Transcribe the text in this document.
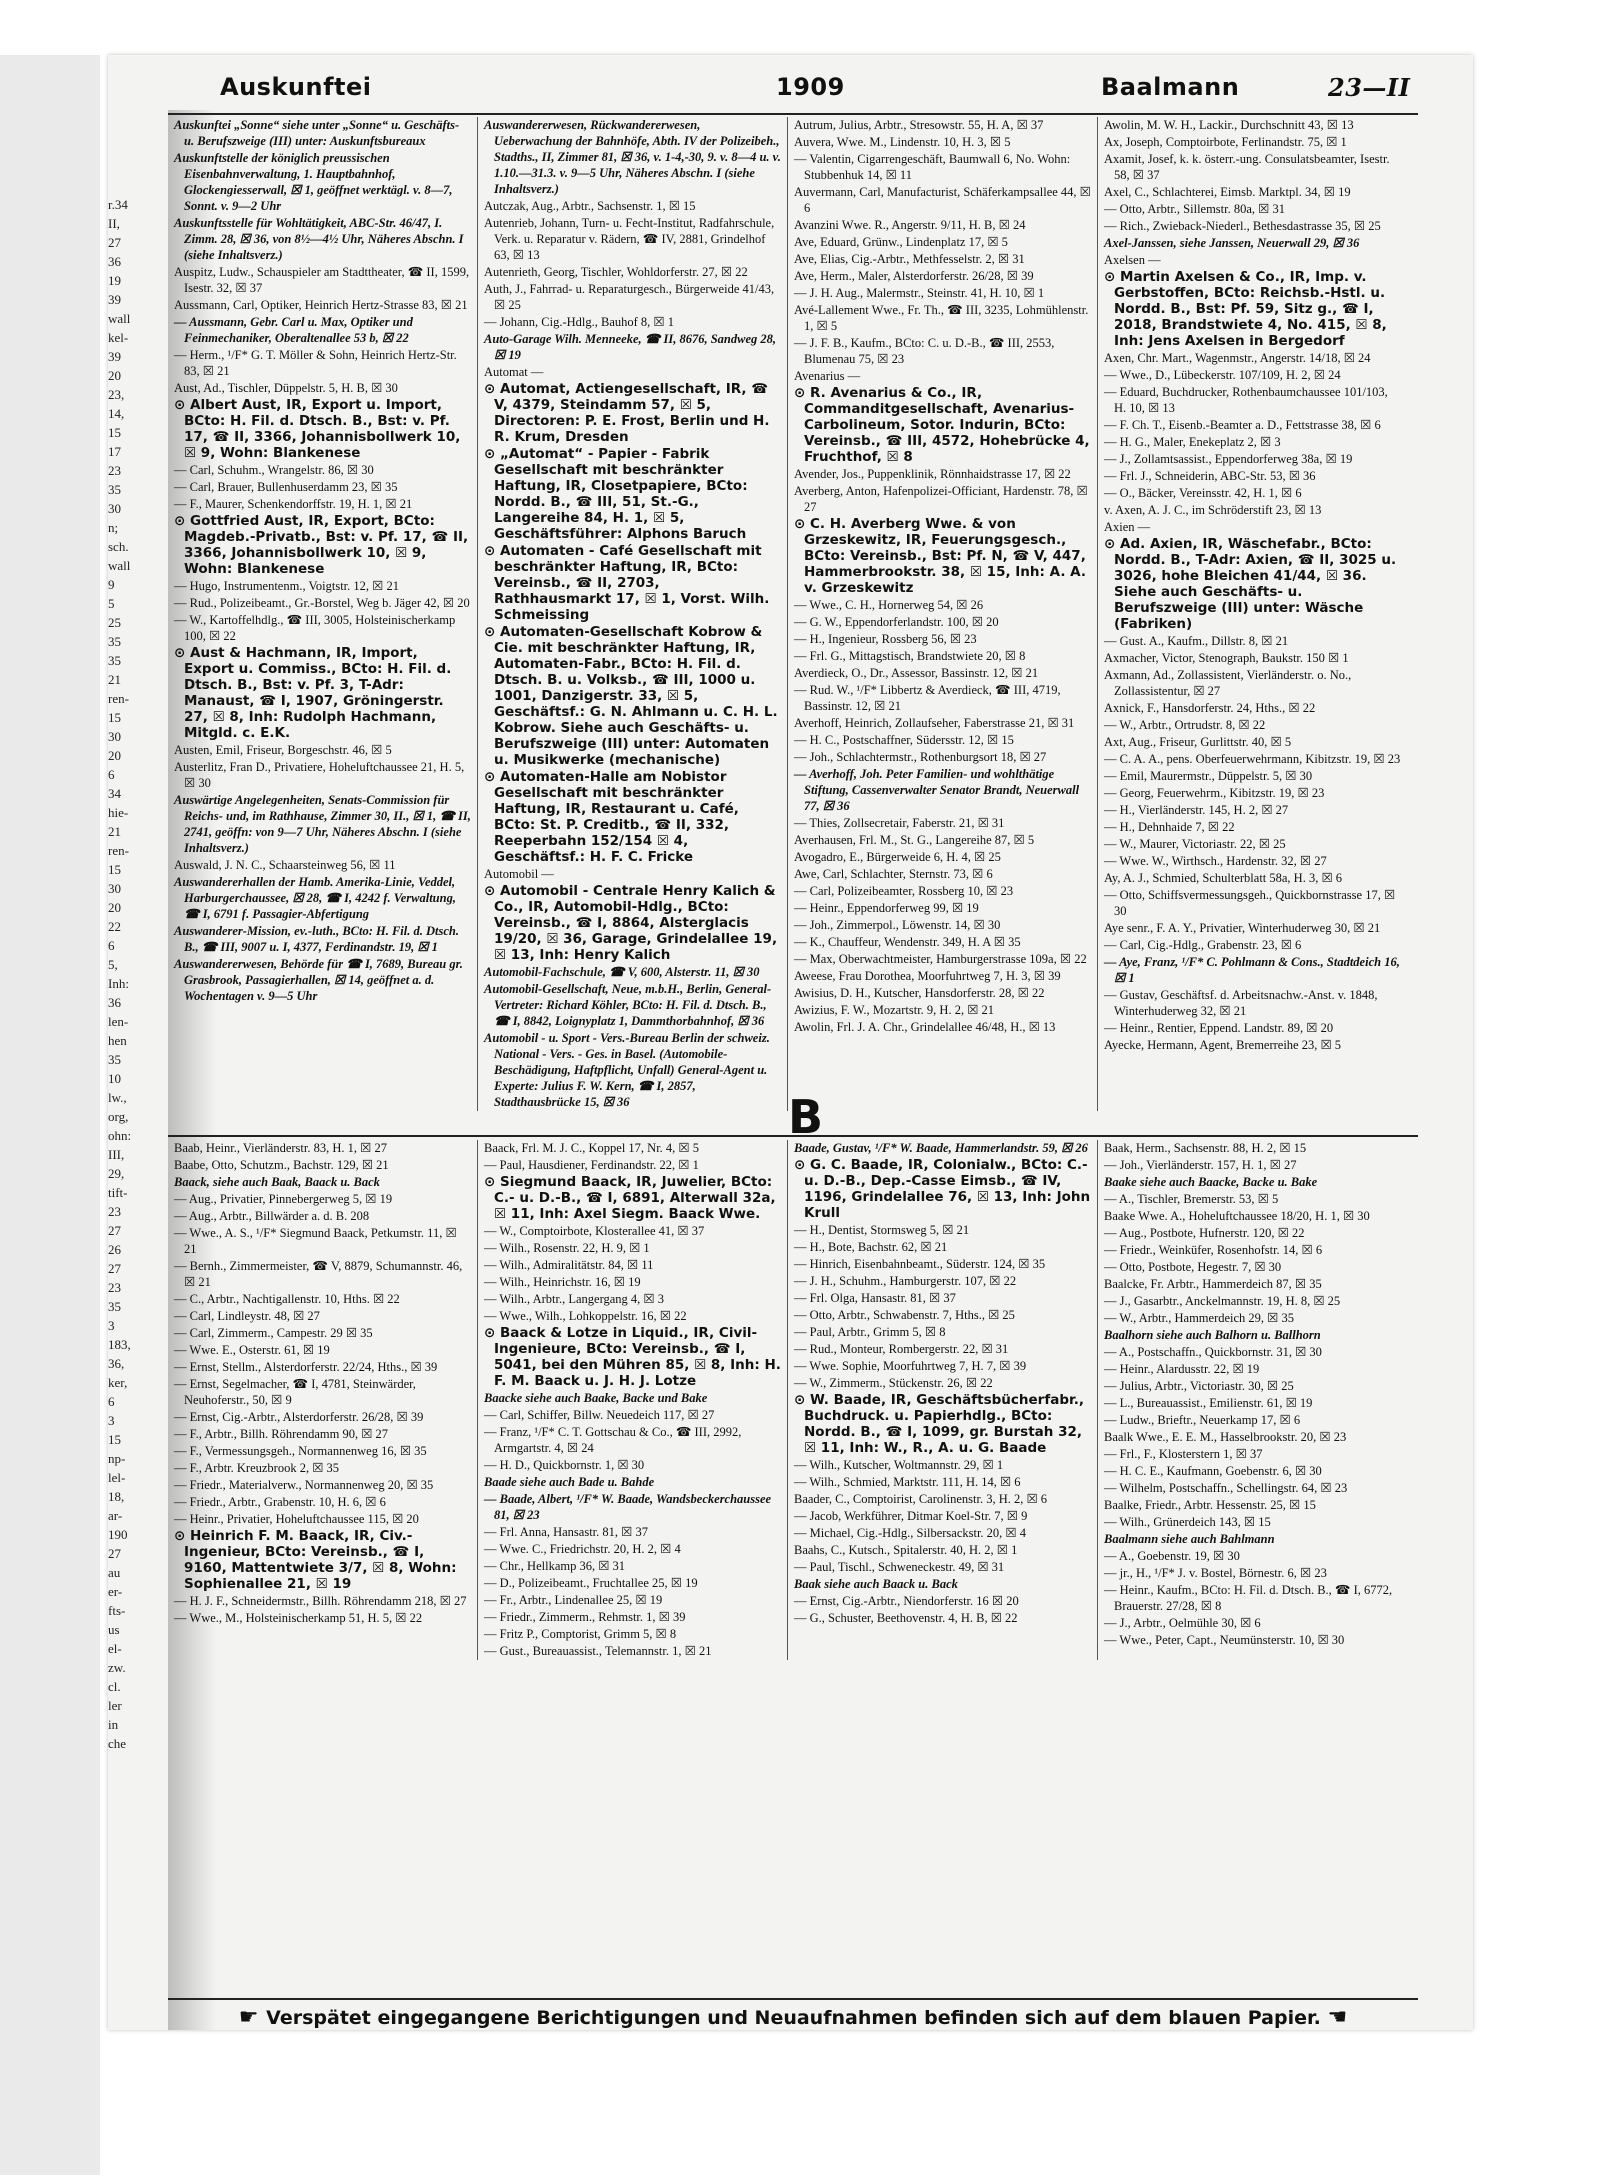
r.34
II,
27
36
19
39
wall
kel-
39
20
23,
14,
15
17
23
35
30
n;
sch.
wall
9
5
25
35
35
21
ren-
15
30
20
6
34
hie-
21
ren-
15
30
20
22
6
5,
Inh:
36
len-
hen
35
10
lw.,
org,
ohn:
III,
29,
tift-
23
27
26
27
23
35
3
183,
36,
ker,
6
3
15
np-
lel-
18,
ar-
190
27
au
er-
fts-
us
el-
zw.
cl.
ler
in
che
Auskunftei	1909	Baalmann	23—II
Auskunftei „Sonne“ siehe unter „Sonne“ u. Geschäfts- u. Berufszweige (III) unter: Auskunftsbureaux
Auskunftstelle der königlich preussischen Eisenbahnverwaltung, 1. Hauptbahnhof, Glockengiesserwall, ☒ 1, geöffnet werktägl. v. 8—7, Sonnt. v. 9—2 Uhr
Auskunftsstelle für Wohltätigkeit, ABC-Str. 46/47, I. Zimm. 28, ☒ 36, von 8½—4½ Uhr, Näheres Abschn. I (siehe Inhaltsverz.)
Auspitz, Ludw., Schauspieler am Stadttheater, ☎ II, 1599, Isestr. 32, ☒ 37
Aussmann, Carl, Optiker, Heinrich Hertz-Strasse 83, ☒ 21
— Aussmann, Gebr. Carl u. Max, Optiker und Feinmechaniker, Oberaltenallee 53 b, ☒ 22
— Herm., ¹/F* G. T. Möller & Sohn, Heinrich Hertz-Str. 83, ☒ 21
Aust, Ad., Tischler, Düppelstr. 5, H. B, ☒ 30
⊙ Albert Aust, IR, Export u. Import, BCto: H. Fil. d. Dtsch. B., Bst: v. Pf. 17, ☎ II, 3366, Johannisbollwerk 10, ☒ 9, Wohn: Blankenese
— Carl, Schuhm., Wrangelstr. 86, ☒ 30
— Carl, Brauer, Bullenhuserdamm 23, ☒ 35
— F., Maurer, Schenkendorffstr. 19, H. 1, ☒ 21
⊙ Gottfried Aust, IR, Export, BCto: Magdeb.-Privatb., Bst: v. Pf. 17, ☎ II, 3366, Johannisbollwerk 10, ☒ 9, Wohn: Blankenese
— Hugo, Instrumentenm., Voigtstr. 12, ☒ 21
— Rud., Polizeibeamt., Gr.-Borstel, Weg b. Jäger 42, ☒ 20
— W., Kartoffelhdlg., ☎ III, 3005, Holsteinischerkamp 100, ☒ 22
⊙ Aust & Hachmann, IR, Import, Export u. Commiss., BCto: H. Fil. d. Dtsch. B., Bst: v. Pf. 3, T-Adr: Manaust, ☎ I, 1907, Gröningerstr. 27, ☒ 8, Inh: Rudolph Hachmann, Mitgld. c. E.K.
Austen, Emil, Friseur, Borgeschstr. 46, ☒ 5
Austerlitz, Fran D., Privatiere, Hoheluftchaussee 21, H. 5, ☒ 30
Auswärtige Angelegenheiten, Senats-Commission für Reichs- und, im Rathhause, Zimmer 30, II., ☒ 1, ☎ II, 2741, geöffn: von 9—7 Uhr, Näheres Abschn. I (siehe Inhaltsverz.)
Auswald, J. N. C., Schaarsteinweg 56, ☒ 11
Auswandererhallen der Hamb. Amerika-Linie, Veddel, Harburgerchaussee, ☒ 28, ☎ I, 4242 f. Verwaltung, ☎ I, 6791 f. Passagier-Abfertigung
Auswanderer-Mission, ev.-luth., BCto: H. Fil. d. Dtsch. B., ☎ III, 9007 u. I, 4377, Ferdinandstr. 19, ☒ 1
Auswandererwesen, Behörde für ☎ I, 7689, Bureau gr. Grasbrook, Passagierhallen, ☒ 14, geöffnet a. d. Wochentagen v. 9—5 Uhr
Auswandererwesen, Rückwandererwesen, Ueberwachung der Bahnhöfe, Abth. IV der Polizeibeh., Stadths., II, Zimmer 81, ☒ 36, v. 1-4,-30, 9. v. 8—4 u. v. 1.10.—31.3. v. 9—5 Uhr, Näheres Abschn. I (siehe Inhaltsverz.)
Autczak, Aug., Arbtr., Sachsenstr. 1, ☒ 15
Autenrieb, Johann, Turn- u. Fecht-Institut, Radfahrschule, Verk. u. Reparatur v. Rädern, ☎ IV, 2881, Grindelhof 63, ☒ 13
Autenrieth, Georg, Tischler, Wohldorferstr. 27, ☒ 22
Auth, J., Fahrrad- u. Reparaturgesch., Bürgerweide 41/43, ☒ 25
— Johann, Cig.-Hdlg., Bauhof 8, ☒ 1
Auto-Garage Wilh. Menneeke, ☎ II, 8676, Sandweg 28, ☒ 19
Automat —
⊙ Automat, Actiengesellschaft, IR, ☎ V, 4379, Steindamm 57, ☒ 5, Directoren: P. E. Frost, Berlin und H. R. Krum, Dresden
⊙ „Automat“ - Papier - Fabrik Gesellschaft mit beschränkter Haftung, IR, Closetpapiere, BCto: Nordd. B., ☎ III, 51, St.-G., Langereihe 84, H. 1, ☒ 5, Geschäftsführer: Alphons Baruch
⊙ Automaten - Café Gesellschaft mit beschränkter Haftung, IR, BCto: Vereinsb., ☎ II, 2703, Rathhausmarkt 17, ☒ 1, Vorst. Wilh. Schmeissing
⊙ Automaten-Gesellschaft Kobrow & Cie. mit beschränkter Haftung, IR, Automaten-Fabr., BCto: H. Fil. d. Dtsch. B. u. Volksb., ☎ III, 1000 u. 1001, Danzigerstr. 33, ☒ 5, Geschäftsf.: G. N. Ahlmann u. C. H. L. Kobrow. Siehe auch Geschäfts- u. Berufszweige (III) unter: Automaten u. Musikwerke (mechanische)
⊙ Automaten-Halle am Nobistor Gesellschaft mit beschränkter Haftung, IR, Restaurant u. Café, BCto: St. P. Creditb., ☎ II, 332, Reeperbahn 152/154 ☒ 4, Geschäftsf.: H. F. C. Fricke
Automobil —
⊙ Automobil - Centrale Henry Kalich & Co., IR, Automobil-Hdlg., BCto: Vereinsb., ☎ I, 8864, Alsterglacis 19/20, ☒ 36, Garage, Grindelallee 19, ☒ 13, Inh: Henry Kalich
Automobil-Fachschule, ☎ V, 600, Alsterstr. 11, ☒ 30
Automobil-Gesellschaft, Neue, m.b.H., Berlin, General-Vertreter: Richard Köhler, BCto: H. Fil. d. Dtsch. B., ☎ I, 8842, Loignyplatz 1, Dammthorbahnhof, ☒ 36
Automobil - u. Sport - Vers.-Bureau Berlin der schweiz. National - Vers. - Ges. in Basel. (Automobile-Beschädigung, Haftpflicht, Unfall) General-Agent u. Experte: Julius F. W. Kern, ☎ I, 2857, Stadthausbrücke 15, ☒ 36
Autrum, Julius, Arbtr., Stresowstr. 55, H. A, ☒ 37
Auvera, Wwe. M., Lindenstr. 10, H. 3, ☒ 5
— Valentin, Cigarrengeschäft, Baumwall 6, No. Wohn: Stubbenhuk 14, ☒ 11
Auvermann, Carl, Manufacturist, Schäferkampsallee 44, ☒ 6
Avanzini Wwe. R., Angerstr. 9/11, H. B, ☒ 24
Ave, Eduard, Grünw., Lindenplatz 17, ☒ 5
Ave, Elias, Cig.-Arbtr., Methfesselstr. 2, ☒ 31
Ave, Herm., Maler, Alsterdorferstr. 26/28, ☒ 39
— J. H. Aug., Malermstr., Steinstr. 41, H. 10, ☒ 1
Avé-Lallement Wwe., Fr. Th., ☎ III, 3235, Lohmühlenstr. 1, ☒ 5
— J. F. B., Kaufm., BCto: C. u. D.-B., ☎ III, 2553, Blumenau 75, ☒ 23
Avenarius —
⊙ R. Avenarius & Co., IR, Commanditgesellschaft, Avenarius-Carbolineum, Sotor. Indurin, BCto: Vereinsb., ☎ III, 4572, Hohebrücke 4, Fruchthof, ☒ 8
Avender, Jos., Puppenklinik, Rönnhaidstrasse 17, ☒ 22
Averberg, Anton, Hafenpolizei-Officiant, Hardenstr. 78, ☒ 27
⊙ C. H. Averberg Wwe. & von Grzeskewitz, IR, Feuerungsgesch., BCto: Vereinsb., Bst: Pf. N, ☎ V, 447, Hammerbrookstr. 38, ☒ 15, Inh: A. A. v. Grzeskewitz
— Wwe., C. H., Hornerweg 54, ☒ 26
— G. W., Eppendorferlandstr. 100, ☒ 20
— H., Ingenieur, Rossberg 56, ☒ 23
— Frl. G., Mittagstisch, Brandstwiete 20, ☒ 8
Averdieck, O., Dr., Assessor, Bassinstr. 12, ☒ 21
— Rud. W., ¹/F* Libbertz & Averdieck, ☎ III, 4719, Bassinstr. 12, ☒ 21
Averhoff, Heinrich, Zollaufseher, Faberstrasse 21, ☒ 31
— H. C., Postschaffner, Südersstr. 12, ☒ 15
— Joh., Schlachtermstr., Rothenburgsort 18, ☒ 27
— Averhoff, Joh. Peter Familien- und wohlthätige Stiftung, Cassenverwalter Senator Brandt, Neuerwall 77, ☒ 36
— Thies, Zollsecretair, Faberstr. 21, ☒ 31
Averhausen, Frl. M., St. G., Langereihe 87, ☒ 5
Avogadro, E., Bürgerweide 6, H. 4, ☒ 25
Awe, Carl, Schlachter, Sternstr. 73, ☒ 6
— Carl, Polizeibeamter, Rossberg 10, ☒ 23
— Heinr., Eppendorferweg 99, ☒ 19
— Joh., Zimmerpol., Löwenstr. 14, ☒ 30
— K., Chauffeur, Wendenstr. 349, H. A ☒ 35
— Max, Oberwachtmeister, Hamburgerstrasse 109a, ☒ 22
Aweese, Frau Dorothea, Moorfuhrtweg 7, H. 3, ☒ 39
Awisius, D. H., Kutscher, Hansdorferstr. 28, ☒ 22
Awizius, F. W., Mozartstr. 9, H. 2, ☒ 21
Awolin, Frl. J. A. Chr., Grindelallee 46/48, H., ☒ 13
Awolin, M. W. H., Lackir., Durchschnitt 43, ☒ 13
Ax, Joseph, Comptoirbote, Ferlinandstr. 75, ☒ 1
Axamit, Josef, k. k. österr.-ung. Consulatsbeamter, Isestr. 58, ☒ 37
Axel, C., Schlachterei, Eimsb. Marktpl. 34, ☒ 19
— Otto, Arbtr., Sillemstr. 80a, ☒ 31
— Rich., Zwieback-Niederl., Bethesdastrasse 35, ☒ 25
Axel-Janssen, siehe Janssen, Neuerwall 29, ☒ 36
Axelsen —
⊙ Martin Axelsen & Co., IR, Imp. v. Gerbstoffen, BCto: Reichsb.-Hstl. u. Nordd. B., Bst: Pf. 59, Sitz g., ☎ I, 2018, Brandstwiete 4, No. 415, ☒ 8, Inh: Jens Axelsen in Bergedorf
Axen, Chr. Mart., Wagenmstr., Angerstr. 14/18, ☒ 24
— Wwe., D., Lübeckerstr. 107/109, H. 2, ☒ 24
— Eduard, Buchdrucker, Rothenbaumchaussee 101/103, H. 10, ☒ 13
— F. Ch. T., Eisenb.-Beamter a. D., Fettstrasse 38, ☒ 6
— H. G., Maler, Enekeplatz 2, ☒ 3
— J., Zollamtsassist., Eppendorferweg 38a, ☒ 19
— Frl. J., Schneiderin, ABC-Str. 53, ☒ 36
— O., Bäcker, Vereinsstr. 42, H. 1, ☒ 6
v. Axen, A. J. C., im Schröderstift 23, ☒ 13
Axien —
⊙ Ad. Axien, IR, Wäschefabr., BCto: Nordd. B., T-Adr: Axien, ☎ II, 3025 u. 3026, hohe Bleichen 41/44, ☒ 36. Siehe auch Geschäfts- u. Berufszweige (III) unter: Wäsche (Fabriken)
— Gust. A., Kaufm., Dillstr. 8, ☒ 21
Axmacher, Victor, Stenograph, Baukstr. 150 ☒ 1
Axmann, Ad., Zollassistent, Vierländerstr. o. No., Zollassistentur, ☒ 27
Axnick, F., Hansdorferstr. 24, Hths., ☒ 22
— W., Arbtr., Ortrudstr. 8, ☒ 22
Axt, Aug., Friseur, Gurlittstr. 40, ☒ 5
— C. A. A., pens. Oberfeuerwehrmann, Kibitzstr. 19, ☒ 23
— Emil, Maurermstr., Düppelstr. 5, ☒ 30
— Georg, Feuerwehrm., Kibitzstr. 19, ☒ 23
— H., Vierländerstr. 145, H. 2, ☒ 27
— H., Dehnhaide 7, ☒ 22
— W., Maurer, Victoriastr. 22, ☒ 25
— Wwe. W., Wirthsch., Hardenstr. 32, ☒ 27
Ay, A. J., Schmied, Schulterblatt 58a, H. 3, ☒ 6
— Otto, Schiffsvermessungsgeh., Quickbornstrasse 17, ☒ 30
Aye senr., F. A. Y., Privatier, Winterhuderweg 30, ☒ 21
— Carl, Cig.-Hdlg., Grabenstr. 23, ☒ 6
— Aye, Franz, ¹/F* C. Pohlmann & Cons., Stadtdeich 16, ☒ 1
— Gustav, Geschäftsf. d. Arbeitsnachw.-Anst. v. 1848, Winterhuderweg 32, ☒ 21
— Heinr., Rentier, Eppend. Landstr. 89, ☒ 20
Ayecke, Hermann, Agent, Bremerreihe 23, ☒ 5
B
Baab, Heinr., Vierländerstr. 83, H. 1, ☒ 27
Baabe, Otto, Schutzm., Bachstr. 129, ☒ 21
Baack, siehe auch Baak, Baack u. Back
— Aug., Privatier, Pinnebergerweg 5, ☒ 19
— Aug., Arbtr., Billwärder a. d. B. 208
— Wwe., A. S., ¹/F* Siegmund Baack, Petkumstr. 11, ☒ 21
— Bernh., Zimmermeister, ☎ V, 8879, Schumannstr. 46, ☒ 21
— C., Arbtr., Nachtigallenstr. 10, Hths. ☒ 22
— Carl, Lindleystr. 48, ☒ 27
— Carl, Zimmerm., Campestr. 29 ☒ 35
— Wwe. E., Osterstr. 61, ☒ 19
— Ernst, Stellm., Alsterdorferstr. 22/24, Hths., ☒ 39
— Ernst, Segelmacher, ☎ I, 4781, Steinwärder, Neuhoferstr., 50, ☒ 9
— Ernst, Cig.-Arbtr., Alsterdorferstr. 26/28, ☒ 39
— F., Arbtr., Billh. Röhrendamm 90, ☒ 27
— F., Vermessungsgeh., Normannenweg 16, ☒ 35
— F., Arbtr. Kreuzbrook 2, ☒ 35
— Friedr., Materialverw., Normannenweg 20, ☒ 35
— Friedr., Arbtr., Grabenstr. 10, H. 6, ☒ 6
— Heinr., Privatier, Hoheluftchaussee 115, ☒ 20
⊙ Heinrich F. M. Baack, IR, Civ.-Ingenieur, BCto: Vereinsb., ☎ I, 9160, Mattentwiete 3/7, ☒ 8, Wohn: Sophienallee 21, ☒ 19
— H. J. F., Schneidermstr., Billh. Röhrendamm 218, ☒ 27
— Wwe., M., Holsteinischerkamp 51, H. 5, ☒ 22
Baack, Frl. M. J. C., Koppel 17, Nr. 4, ☒ 5
— Paul, Hausdiener, Ferdinandstr. 22, ☒ 1
⊙ Siegmund Baack, IR, Juwelier, BCto: C.- u. D.-B., ☎ I, 6891, Alterwall 32a, ☒ 11, Inh: Axel Siegm. Baack Wwe.
— W., Comptoirbote, Klosterallee 41, ☒ 37
— Wilh., Rosenstr. 22, H. 9, ☒ 1
— Wilh., Admiralitätstr. 84, ☒ 11
— Wilh., Heinrichstr. 16, ☒ 19
— Wilh., Arbtr., Langergang 4, ☒ 3
— Wwe., Wilh., Lohkoppelstr. 16, ☒ 22
⊙ Baack & Lotze in Liquid., IR, Civil-Ingenieure, BCto: Vereinsb., ☎ I, 5041, bei den Mühren 85, ☒ 8, Inh: H. F. M. Baack u. J. H. J. Lotze
Baacke siehe auch Baake, Backe und Bake
— Carl, Schiffer, Billw. Neuedeich 117, ☒ 27
— Franz, ¹/F* C. T. Gottschau & Co., ☎ III, 2992, Armgartstr. 4, ☒ 24
— H. D., Quickbornstr. 1, ☒ 30
Baade siehe auch Bade u. Bahde
— Baade, Albert, ¹/F* W. Baade, Wandsbeckerchaussee 81, ☒ 23
— Frl. Anna, Hansastr. 81, ☒ 37
— Wwe. C., Friedrichstr. 20, H. 2, ☒ 4
— Chr., Hellkamp 36, ☒ 31
— D., Polizeibeamt., Fruchtallee 25, ☒ 19
— Fr., Arbtr., Lindenallee 25, ☒ 19
— Friedr., Zimmerm., Rehmstr. 1, ☒ 39
— Fritz P., Comptorist, Grimm 5, ☒ 8
— Gust., Bureauassist., Telemannstr. 1, ☒ 21
Baade, Gustav, ¹/F* W. Baade, Hammerlandstr. 59, ☒ 26
⊙ G. C. Baade, IR, Colonialw., BCto: C.- u. D.-B., Dep.-Casse Eimsb., ☎ IV, 1196, Grindelallee 76, ☒ 13, Inh: John Krull
— H., Dentist, Stormsweg 5, ☒ 21
— H., Bote, Bachstr. 62, ☒ 21
— Hinrich, Eisenbahnbeamt., Süderstr. 124, ☒ 35
— J. H., Schuhm., Hamburgerstr. 107, ☒ 22
— Frl. Olga, Hansastr. 81, ☒ 37
— Otto, Arbtr., Schwabenstr. 7, Hths., ☒ 25
— Paul, Arbtr., Grimm 5, ☒ 8
— Rud., Monteur, Rombergerstr. 22, ☒ 31
— Wwe. Sophie, Moorfuhrtweg 7, H. 7, ☒ 39
— W., Zimmerm., Stückenstr. 26, ☒ 22
⊙ W. Baade, IR, Geschäftsbücherfabr., Buchdruck. u. Papierhdlg., BCto: Nordd. B., ☎ I, 1099, gr. Burstah 32, ☒ 11, Inh: W., R., A. u. G. Baade
— Wilh., Kutscher, Woltmannstr. 29, ☒ 1
— Wilh., Schmied, Marktstr. 111, H. 14, ☒ 6
Baader, C., Comptoirist, Carolinenstr. 3, H. 2, ☒ 6
— Jacob, Werkführer, Ditmar Koel-Str. 7, ☒ 9
— Michael, Cig.-Hdlg., Silbersackstr. 20, ☒ 4
Baahs, C., Kutsch., Spitalerstr. 40, H. 2, ☒ 1
— Paul, Tischl., Schweneckestr. 49, ☒ 31
Baak siehe auch Baack u. Back
— Ernst, Cig.-Arbtr., Niendorferstr. 16 ☒ 20
— G., Schuster, Beethovenstr. 4, H. B, ☒ 22
Baak, Herm., Sachsenstr. 88, H. 2, ☒ 15
— Joh., Vierländerstr. 157, H. 1, ☒ 27
Baake siehe auch Baacke, Backe u. Bake
— A., Tischler, Bremerstr. 53, ☒ 5
Baake Wwe. A., Hoheluftchaussee 18/20, H. 1, ☒ 30
— Aug., Postbote, Hufnerstr. 120, ☒ 22
— Friedr., Weinküfer, Rosenhofstr. 14, ☒ 6
— Otto, Postbote, Hegestr. 7, ☒ 30
Baalcke, Fr. Arbtr., Hammerdeich 87, ☒ 35
— J., Gasarbtr., Anckelmannstr. 19, H. 8, ☒ 25
— W., Arbtr., Hammerdeich 29, ☒ 35
Baalhorn siehe auch Balhorn u. Ballhorn
— A., Postschaffn., Quickbornstr. 31, ☒ 30
— Heinr., Alardusstr. 22, ☒ 19
— Julius, Arbtr., Victoriastr. 30, ☒ 25
— L., Bureauassist., Emilienstr. 61, ☒ 19
— Ludw., Brieftr., Neuerkamp 17, ☒ 6
Baalk Wwe., E. E. M., Hasselbrookstr. 20, ☒ 23
— Frl., F., Klosterstern 1, ☒ 37
— H. C. E., Kaufmann, Goebenstr. 6, ☒ 30
— Wilhelm, Postschaffn., Schellingstr. 64, ☒ 23
Baalke, Friedr., Arbtr. Hessenstr. 25, ☒ 15
— Wilh., Grünerdeich 143, ☒ 15
Baalmann siehe auch Bahlmann
— A., Goebenstr. 19, ☒ 30
— jr., H., ¹/F* J. v. Bostel, Börnestr. 6, ☒ 23
— Heinr., Kaufm., BCto: H. Fil. d. Dtsch. B., ☎ I, 6772, Brauerstr. 27/28, ☒ 8
— J., Arbtr., Oelmühle 30, ☒ 6
— Wwe., Peter, Capt., Neumünsterstr. 10, ☒ 30
☛ Verspätet eingegangene Berichtigungen und Neuaufnahmen befinden sich auf dem blauen Papier. ☚
